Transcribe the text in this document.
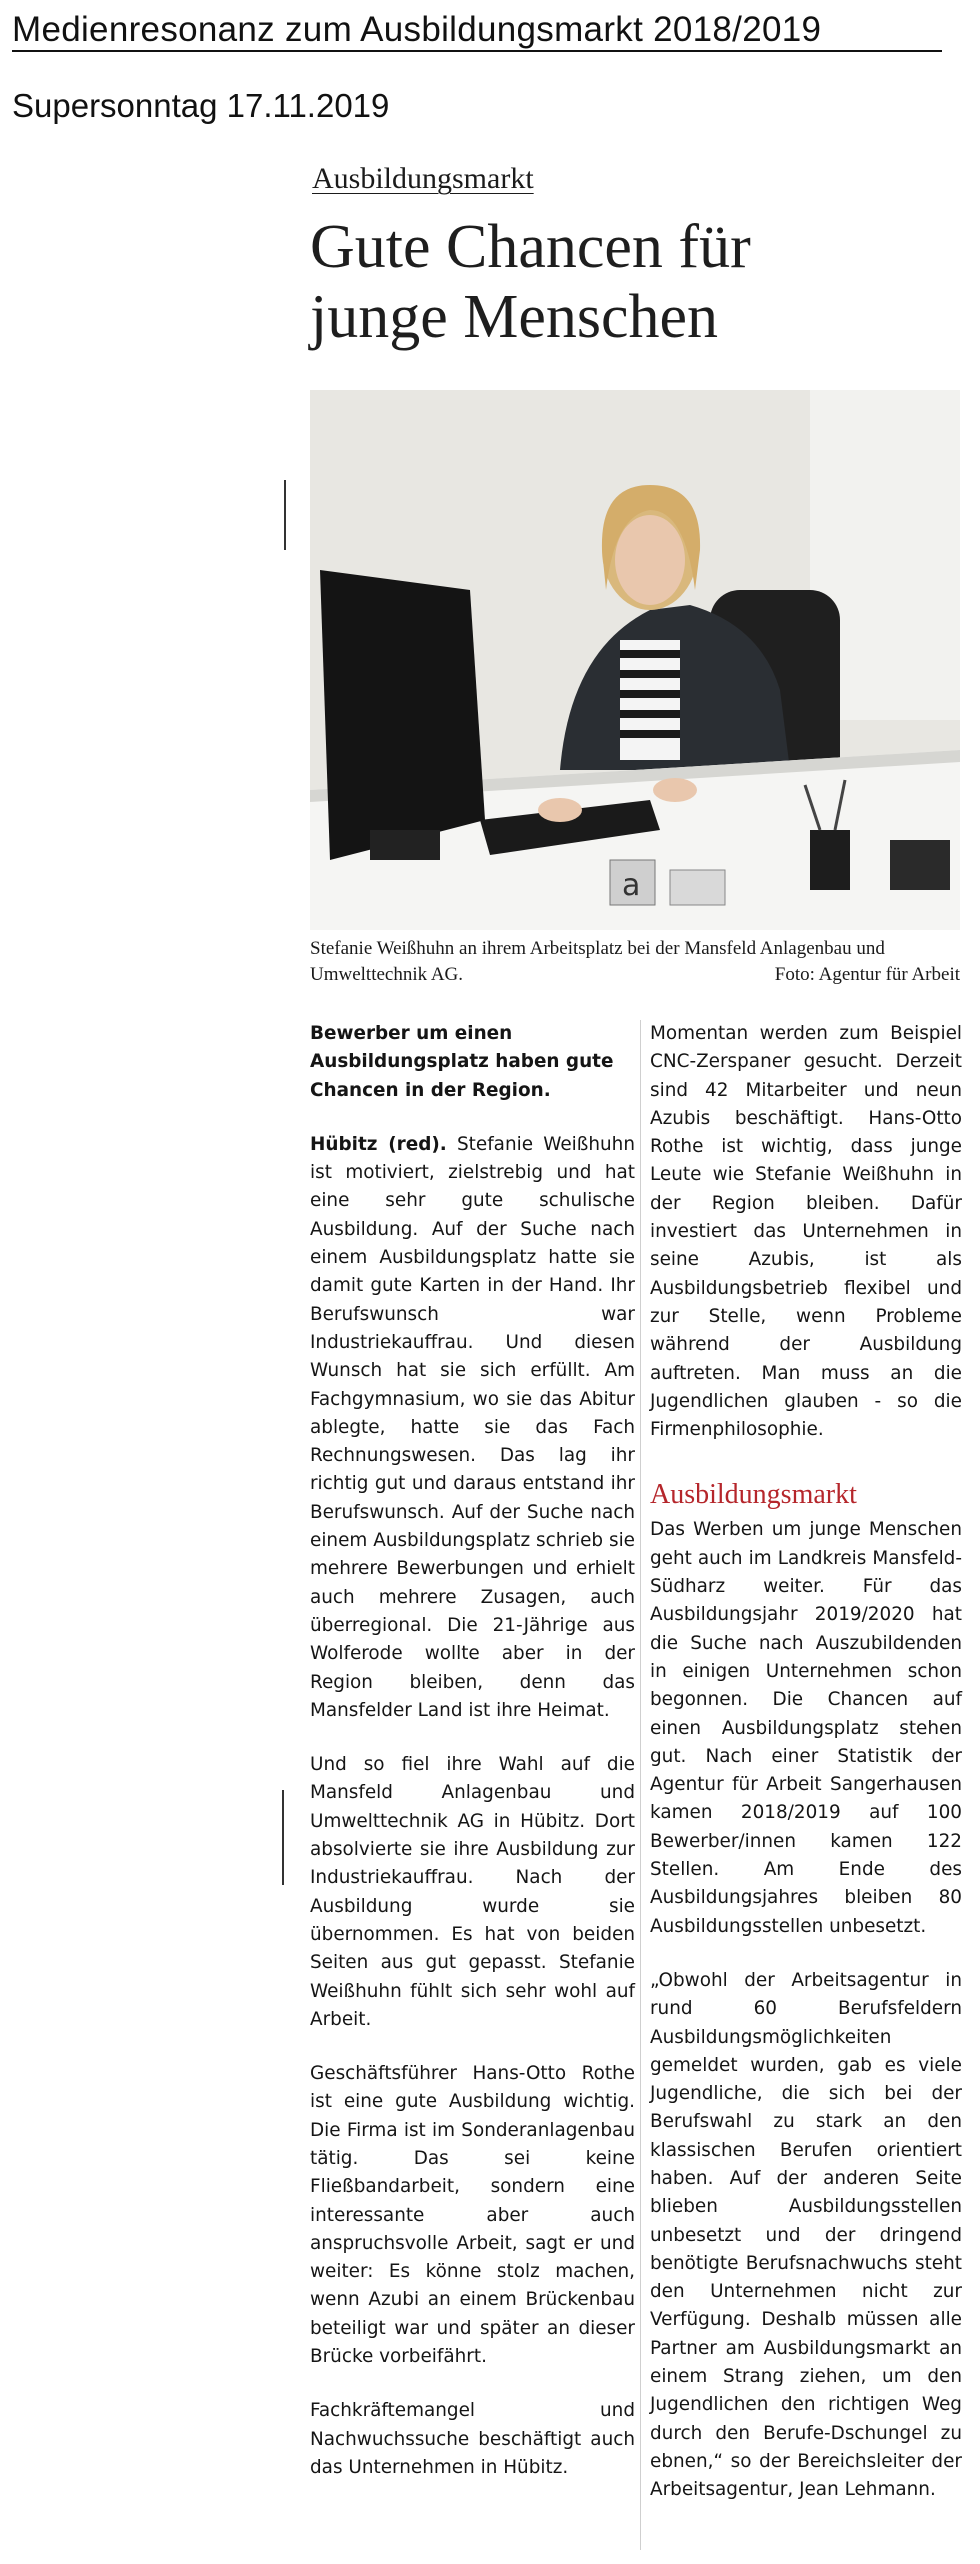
Medienresonanz zum Ausbildungsmarkt 2018/2019
Supersonntag 17.11.2019
Ausbildungsmarkt
Gute Chancen für junge Menschen
a
Stefanie Weißhuhn an ihrem Arbeitsplatz bei der Mansfeld Anlagenbau und Umwelttechnik AG.	Foto: Agentur für Arbeit

Bewerber um einen Ausbildungsplatz haben gute Chancen in der Region.

Hübitz (red). Stefanie Weißhuhn ist motiviert, zielstrebig und hat eine sehr gute schulische Ausbildung. Auf der Suche nach einem Ausbildungsplatz hatte sie damit gute Karten in der Hand. Ihr Berufswunsch war Industriekauffrau. Und diesen Wunsch hat sie sich erfüllt. Am Fachgymnasium, wo sie das Abitur ablegte, hatte sie das Fach Rechnungswesen. Das lag ihr richtig gut und daraus entstand ihr Berufswunsch. Auf der Suche nach einem Ausbildungsplatz schrieb sie mehrere Bewerbungen und erhielt auch mehrere Zusagen, auch überregional. Die 21-Jährige aus Wolferode wollte aber in der Region bleiben, denn das Mansfelder Land ist ihre Heimat.

Und so fiel ihre Wahl auf die Mansfeld Anlagenbau und Umwelttechnik AG in Hübitz. Dort absolvierte sie ihre Ausbildung zur Industriekauffrau. Nach der Ausbildung wurde sie übernommen. Es hat von beiden Seiten aus gut gepasst. Stefanie Weißhuhn fühlt sich sehr wohl auf Arbeit.

Geschäftsführer Hans-Otto Rothe ist eine gute Ausbildung wichtig. Die Firma ist im Sonderanlagenbau tätig. Das sei keine Fließbandarbeit, sondern eine interessante aber auch anspruchsvolle Arbeit, sagt er und weiter: Es könne stolz machen, wenn Azubi an einem Brückenbau beteiligt war und später an dieser Brücke vorbeifährt.

Fachkräftemangel und Nachwuchssuche beschäftigt auch das Unternehmen in Hübitz.

Momentan werden zum Beispiel CNC-Zerspaner gesucht. Derzeit sind 42 Mitarbeiter und neun Azubis beschäftigt. Hans-Otto Rothe ist wichtig, dass junge Leute wie Stefanie Weißhuhn in der Region bleiben. Dafür investiert das Unternehmen in seine Azubis, ist als Ausbildungsbetrieb flexibel und zur Stelle, wenn Probleme während der Ausbildung auftreten. Man muss an die Jugendlichen glauben - so die Firmenphilosophie.

Ausbildungsmarkt

Das Werben um junge Menschen geht auch im Landkreis Mansfeld-Südharz weiter. Für das Ausbildungsjahr 2019/2020 hat die Suche nach Auszubildenden in einigen Unternehmen schon begonnen. Die Chancen auf einen Ausbildungsplatz stehen gut. Nach einer Statistik der Agentur für Arbeit Sangerhausen kamen 2018/2019 auf 100 Bewerber/innen kamen 122 Stellen. Am Ende des Ausbildungsjahres bleiben 80 Ausbildungsstellen unbesetzt.

„Obwohl der Arbeitsagentur in rund 60 Berufsfeldern Ausbildungsmöglichkeiten gemeldet wurden, gab es viele Jugendliche, die sich bei der Berufswahl zu stark an den klassischen Berufen orientiert haben. Auf der anderen Seite blieben Ausbildungsstellen unbesetzt und der dringend benötigte Berufsnachwuchs steht den Unternehmen nicht zur Verfügung. Deshalb müssen alle Partner am Ausbildungsmarkt an einem Strang ziehen, um den Jugendlichen den richtigen Weg durch den Berufe-Dschungel zu ebnen,“ so der Bereichsleiter der Arbeitsagentur, Jean Lehmann.
